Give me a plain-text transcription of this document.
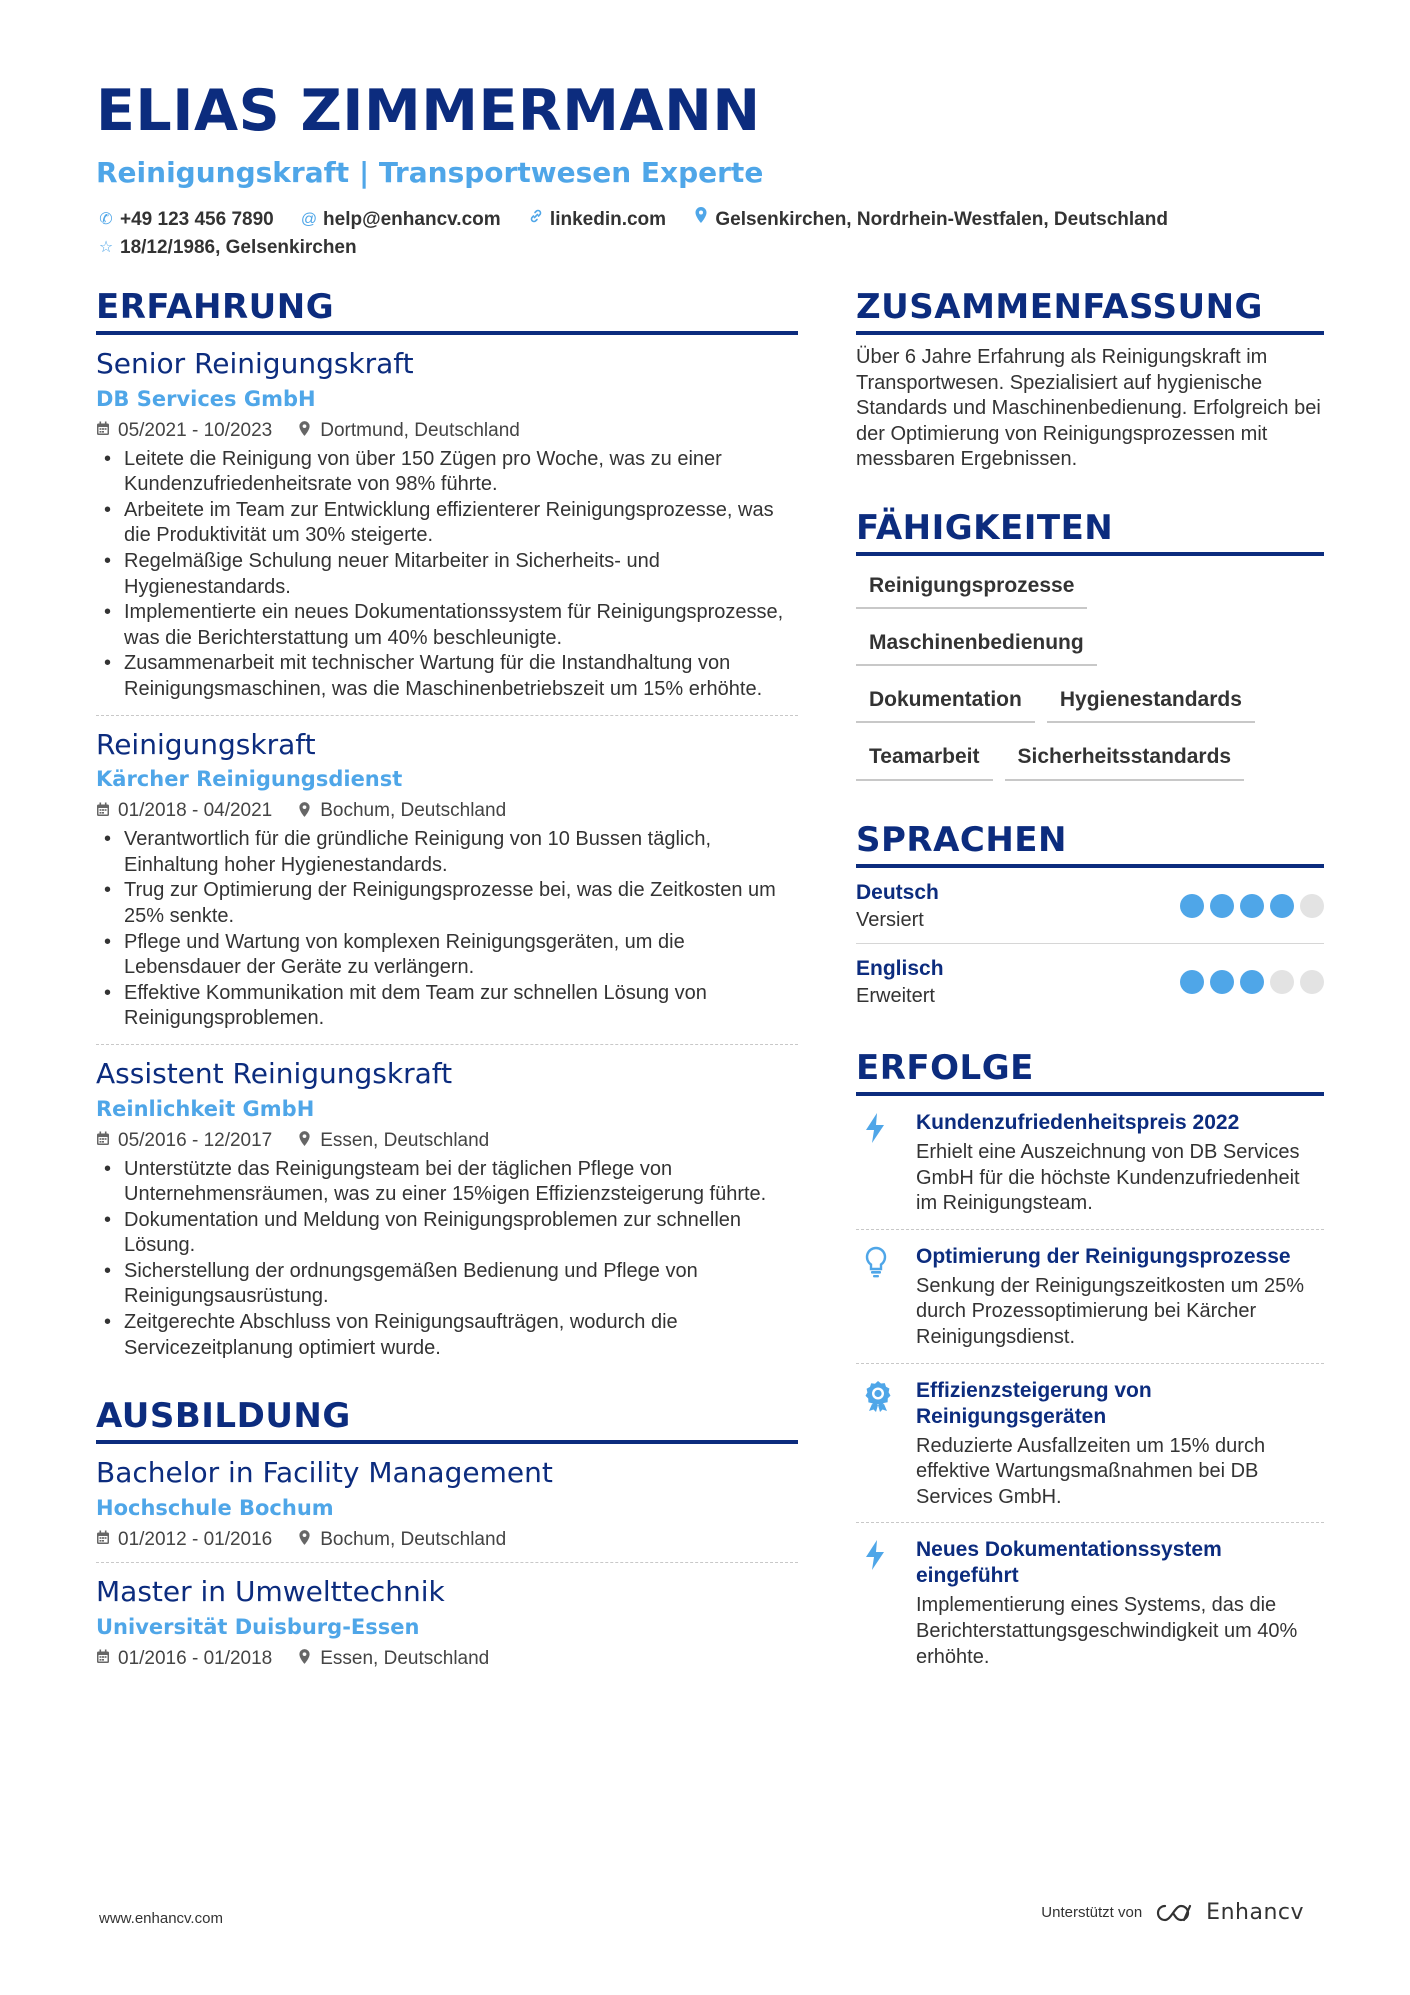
ELIAS ZIMMERMANN
Reinigungskraft | Transportwesen Experte
✆ +49 123 456 7890
@ help@enhancv.com
	linkedin.com
	Gelsenkirchen, Nordrhein-Westfalen, Deutschland

☆ 18/12/1986, Gelsenkirchen
ERFAHRUNG
Senior Reinigungskraft
DB Services GmbH
05/2021 - 10/2023	Dortmund, Deutschland
• Leitete die Reinigung von über 150 Zügen pro Woche, was zu einer Kundenzufriedenheitsrate von 98% führte.
• Arbeitete im Team zur Entwicklung effizienterer Reinigungsprozesse, was die Produktivität um 30% steigerte.
• Regelmäßige Schulung neuer Mitarbeiter in Sicherheits- und Hygienestandards.
• Implementierte ein neues Dokumentationssystem für Reinigungsprozesse, was die Berichterstattung um 40% beschleunigte.
• Zusammenarbeit mit technischer Wartung für die Instandhaltung von Reinigungsmaschinen, was die Maschinenbetriebszeit um 15% erhöhte.
Reinigungskraft
Kärcher Reinigungsdienst
01/2018 - 04/2021	Bochum, Deutschland
• Verantwortlich für die gründliche Reinigung von 10 Bussen täglich, Einhaltung hoher Hygienestandards.
• Trug zur Optimierung der Reinigungsprozesse bei, was die Zeitkosten um 25% senkte.
• Pflege und Wartung von komplexen Reinigungsgeräten, um die Lebensdauer der Geräte zu verlängern.
• Effektive Kommunikation mit dem Team zur schnellen Lösung von Reinigungsproblemen.
Assistent Reinigungskraft
Reinlichkeit GmbH
05/2016 - 12/2017	Essen, Deutschland
• Unterstützte das Reinigungsteam bei der täglichen Pflege von Unternehmensräumen, was zu einer 15%igen Effizienzsteigerung führte.
• Dokumentation und Meldung von Reinigungsproblemen zur schnellen Lösung.
• Sicherstellung der ordnungsgemäßen Bedienung und Pflege von Reinigungsausrüstung.
• Zeitgerechte Abschluss von Reinigungsaufträgen, wodurch die Servicezeitplanung optimiert wurde.
AUSBILDUNG
Bachelor in Facility Management
Hochschule Bochum
01/2012 - 01/2016	Bochum, Deutschland
Master in Umwelttechnik
Universität Duisburg-Essen
01/2016 - 01/2018	Essen, Deutschland
ZUSAMMENFASSUNG
Über 6 Jahre Erfahrung als Reinigungskraft im Transportwesen. Spezialisiert auf hygienische Standards und Maschinenbedienung. Erfolgreich bei der Optimierung von Reinigungsprozessen mit messbaren Ergebnissen.
FÄHIGKEITEN
Reinigungsprozesse
Maschinenbedienung
Dokumentation	Hygienestandards
Teamarbeit	Sicherheitsstandards
SPRACHEN
Deutsch
Versiert
Englisch
Erweitert
ERFOLGE
Kundenzufriedenheitspreis 2022
Erhielt eine Auszeichnung von DB Services GmbH für die höchste Kundenzufriedenheit im Reinigungsteam.
Optimierung der Reinigungsprozesse
Senkung der Reinigungszeitkosten um 25% durch Prozessoptimierung bei Kärcher Reinigungsdienst.
Effizienzsteigerung von Reinigungsgeräten
Reduzierte Ausfallzeiten um 15% durch effektive Wartungsmaßnahmen bei DB Services GmbH.
Neues Dokumentationssystem eingeführt
Implementierung eines Systems, das die Berichterstattungsgeschwindigkeit um 40% erhöhte.
www.enhancv.com	Unterstützt von	Enhancv
